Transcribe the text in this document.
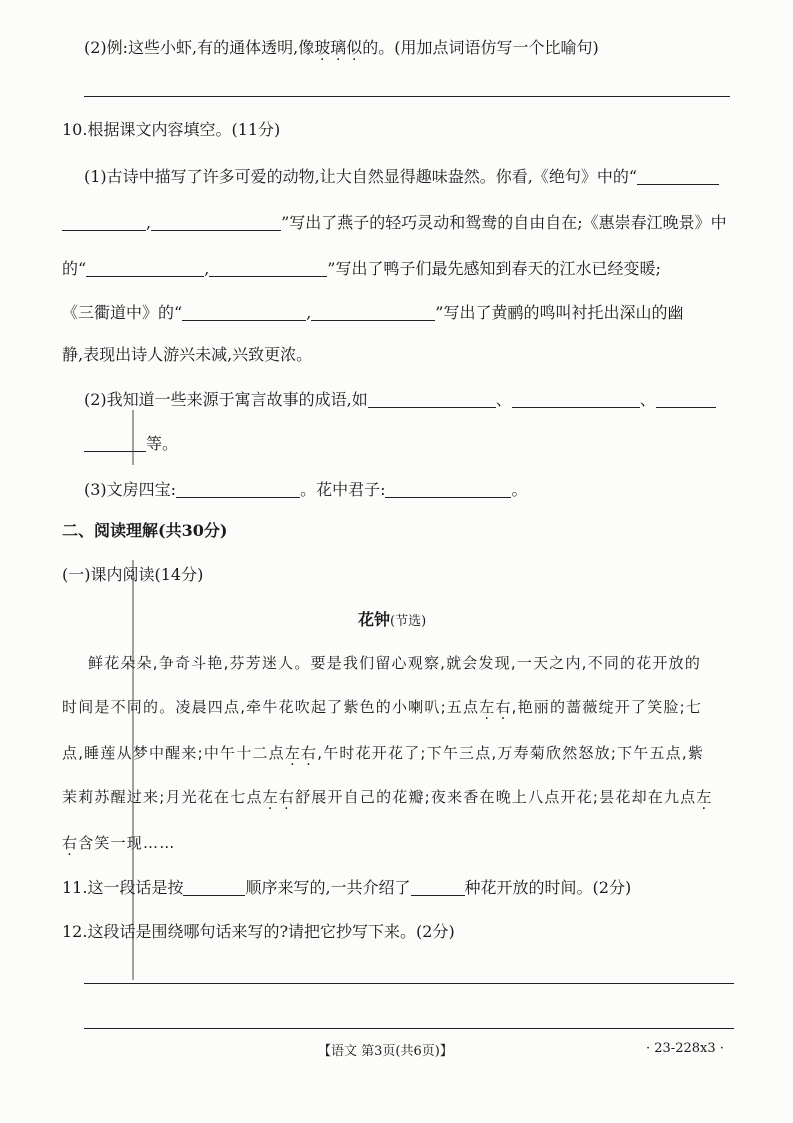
(2)例:这些小虾,有的通体透明,像玻璃似的。(用加点词语仿写一个比喻句)
10.根据课文内容填空。(11分)
(1)古诗中描写了许多可爱的动物,让大自然显得趣味盎然。你看,《绝句》中的“
,	”写出了燕子的轻巧灵动和鸳鸯的自由自在;《惠崇春江晚景》中
的“	,	”写出了鸭子们最先感知到春天的江水已经变暖;
《三衢道中》的“	,	”写出了黄鹂的鸣叫衬托出深山的幽
静,表现出诗人游兴未减,兴致更浓。
(2)我知道一些来源于寓言故事的成语,如	、	、
等。
(3)文房四宝:	。花中君子:	。
二、阅读理解(共30分)
(一)课内阅读(14分)
花钟(节选)
鲜花朵朵,争奇斗艳,芬芳迷人。要是我们留心观察,就会发现,一天之内,不同的花开放的
时间是不同的。凌晨四点,牵牛花吹起了紫色的小喇叭;五点左右,艳丽的蔷薇绽开了笑脸;七
点,睡莲从梦中醒来;中午十二点左右,午时花开花了;下午三点,万寿菊欣然怒放;下午五点,紫
茉莉苏醒过来;月光花在七点左右舒展开自己的花瓣;夜来香在晚上八点开花;昙花却在九点左
右含笑一现……
11.这一段话是按	顺序来写的,一共介绍了	种花开放的时间。(2分)
12.这段话是围绕哪句话来写的?请把它抄写下来。(2分)
【语文 第3页(共6页)】	· 23-228x3 ·
